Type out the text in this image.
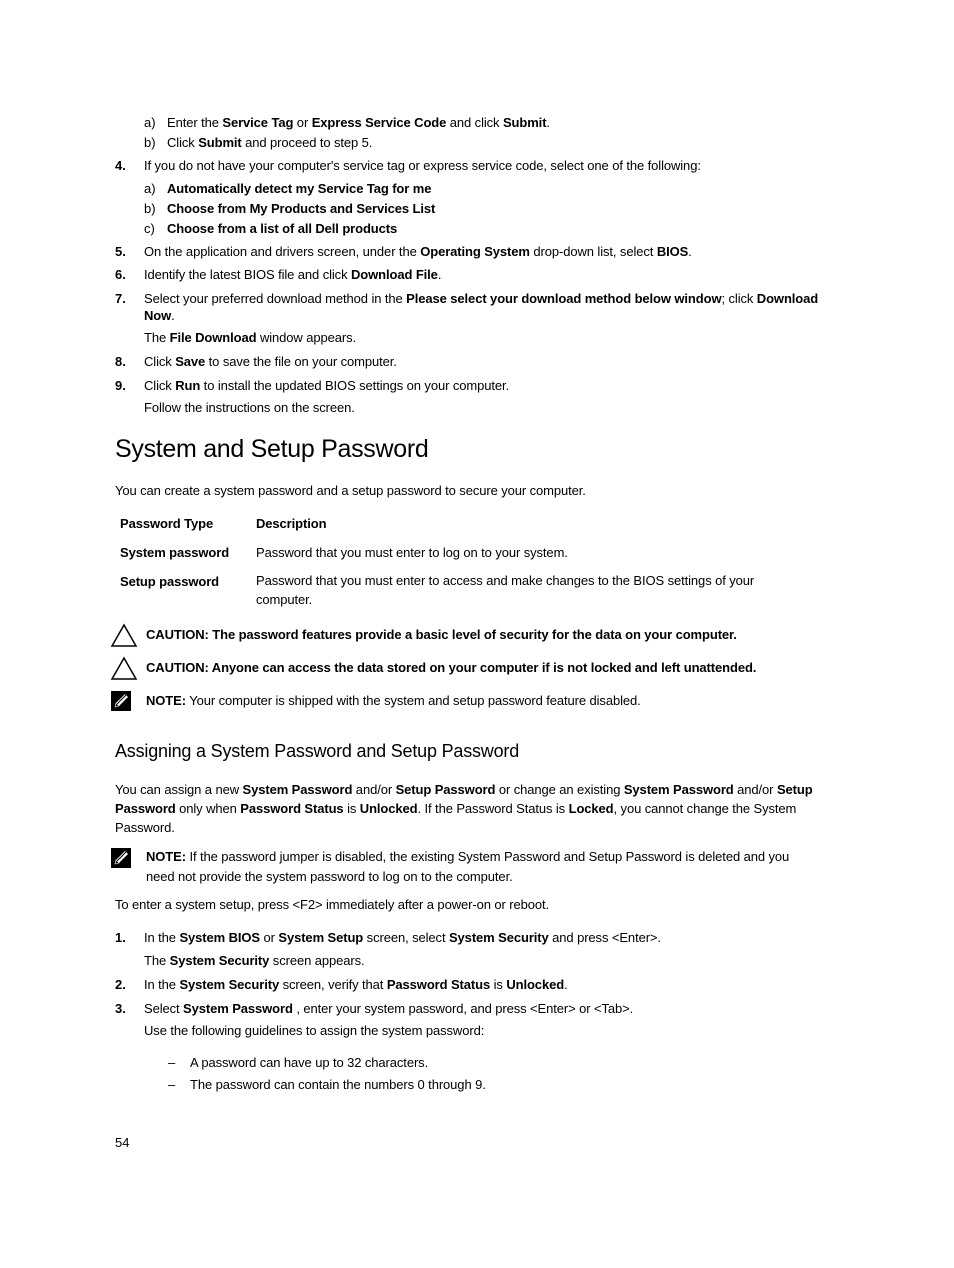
a) Enter the Service Tag or Express Service Code and click Submit.
b) Click Submit and proceed to step 5.
4. If you do not have your computer's service tag or express service code, select one of the following:
a) Automatically detect my Service Tag for me
b) Choose from My Products and Services List
c) Choose from a list of all Dell products
5. On the application and drivers screen, under the Operating System drop-down list, select BIOS.
6. Identify the latest BIOS file and click Download File.
7. Select your preferred download method in the Please select your download method below window; click Download
Now.
The File Download window appears.
8. Click Save to save the file on your computer.
9. Click Run to install the updated BIOS settings on your computer.
Follow the instructions on the screen.
System and Setup Password
You can create a system password and a setup password to secure your computer.
Password Type	Description
System password Password that you must enter to log on to your system.
Setup password	Password that you must enter to access and make changes to the BIOS settings of your
computer.
CAUTION: The password features provide a basic level of security for the data on your computer.
CAUTION: Anyone can access the data stored on your computer if is not locked and left unattended.
NOTE: Your computer is shipped with the system and setup password feature disabled.
Assigning a System Password and Setup Password
You can assign a new System Password and/or Setup Password or change an existing System Password and/or Setup
Password only when Password Status is Unlocked. If the Password Status is Locked, you cannot change the System
Password.
NOTE: If the password jumper is disabled, the existing System Password and Setup Password is deleted and you
need not provide the system password to log on to the computer.
To enter a system setup, press <F2> immediately after a power-on or reboot.
1. In the System BIOS or System Setup screen, select System Security and press <Enter>.
The System Security screen appears.
2. In the System Security screen, verify that Password Status is Unlocked.
3. Select System Password , enter your system password, and press <Enter> or <Tab>.
Use the following guidelines to assign the system password:
– A password can have up to 32 characters.
– The password can contain the numbers 0 through 9.
54
